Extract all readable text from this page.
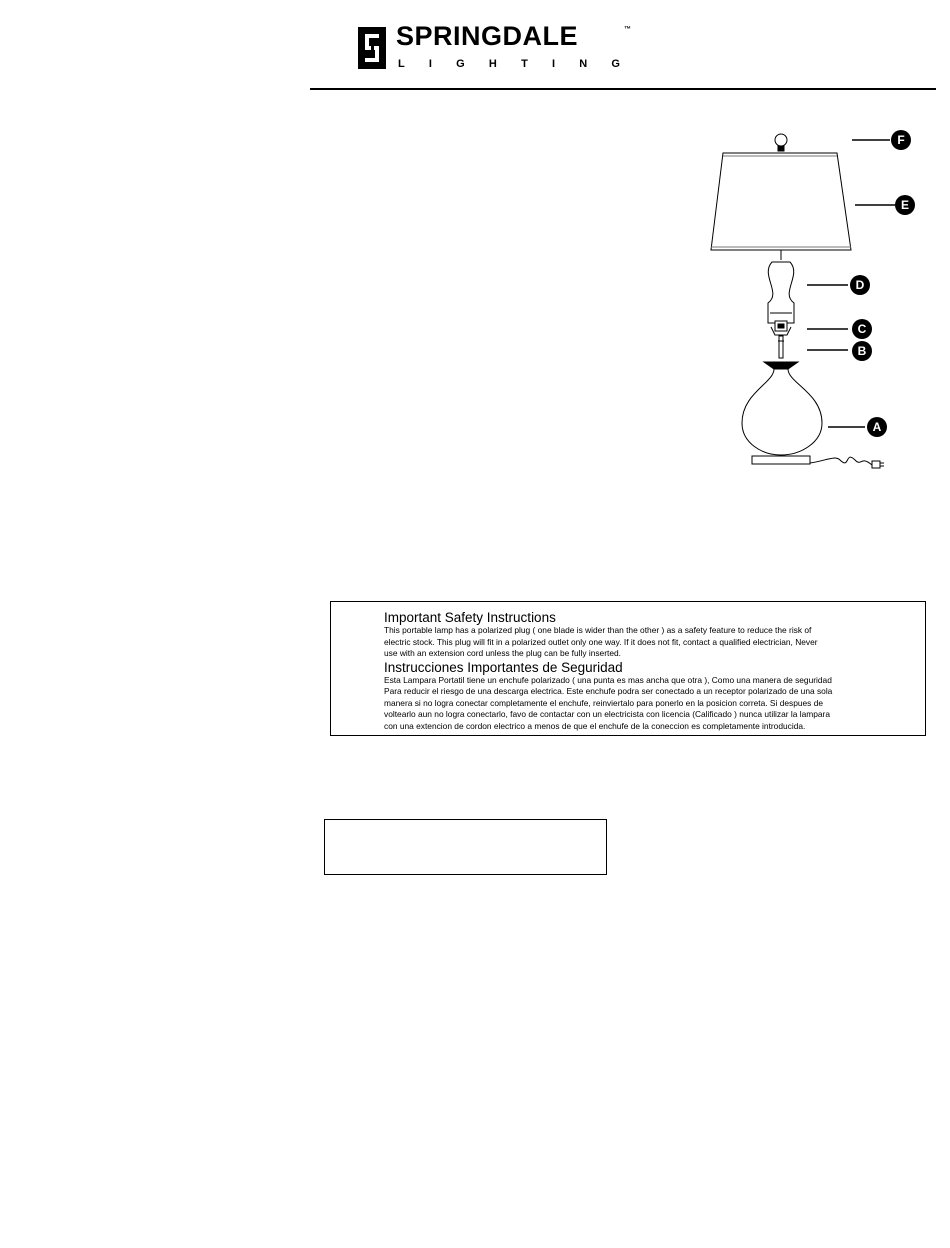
SPRINGDALE	™
L I G H T I N G
F
E
D
C
B
A

Important Safety Instructions

This portable lamp has a polarized plug ( one blade is wider than the other ) as a safety feature to reduce the risk of

electric stock. This plug will fit in a polarized outlet only one way. If it does not fit, contact a qualified electrician, Never

use with an extension cord unless the plug can be fully inserted.

Instrucciones Importantes de Seguridad

Esta Lampara Portatil tiene un enchufe polarizado ( una punta es mas ancha que otra ), Como una manera de seguridad

Para reducir el riesgo de una descarga electrica. Este enchufe podra ser conectado a un receptor polarizado de una sola

manera si no logra conectar completamente el enchufe, reinviertalo para ponerlo en la posicion correta. Si despues de

voltearlo aun no logra conectarlo, favo de contactar con un electricista con licencia (Calificado ) nunca utilizar la lampara

con una extencion de cordon electrico a menos de que el enchufe de la coneccion es completamente introducida.
